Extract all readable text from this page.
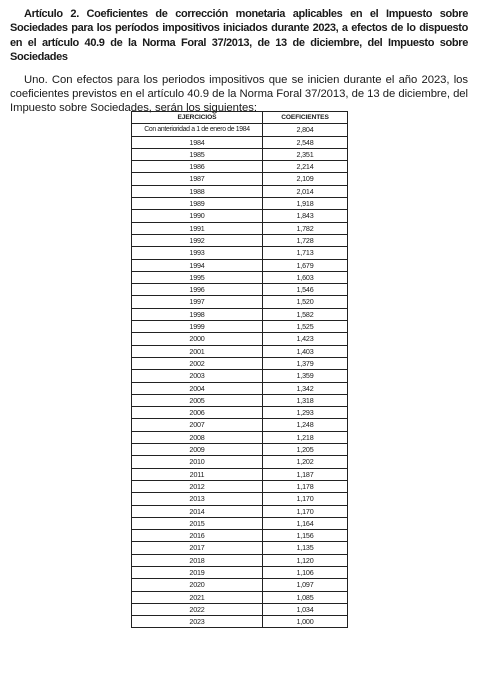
Artículo 2. Coeficientes de corrección monetaria aplicables en el Impuesto sobre Sociedades para los períodos impositivos iniciados durante 2023, a efectos de lo dispuesto en el artículo 40.9 de la Norma Foral 37/2013, de 13 de diciembre, del Impuesto sobre Sociedades

Uno. Con efectos para los periodos impositivos que se inicien durante el año 2023, los coeficientes previstos en el artículo 40.9 de la Norma Foral 37/2013, de 13 de diciembre, del Impuesto sobre Sociedades, serán los siguientes:

EJERCICIOS	COEFICIENTES
Con anterioridad a 1 de enero de 1984	2,804
1984	2,548
1985	2,351
1986	2,214
1987	2,109
1988	2,014
1989	1,918
1990	1,843
1991	1,782
1992	1,728
1993	1,713
1994	1,679
1995	1,603
1996	1,546
1997	1,520
1998	1,582
1999	1,525
2000	1,423
2001	1,403
2002	1,379
2003	1,359
2004	1,342
2005	1,318
2006	1,293
2007	1,248
2008	1,218
2009	1,205
2010	1,202
2011	1,187
2012	1,178
2013	1,170
2014	1,170
2015	1,164
2016	1,156
2017	1,135
2018	1,120
2019	1,106
2020	1,097
2021	1,085
2022	1,034
2023	1,000
